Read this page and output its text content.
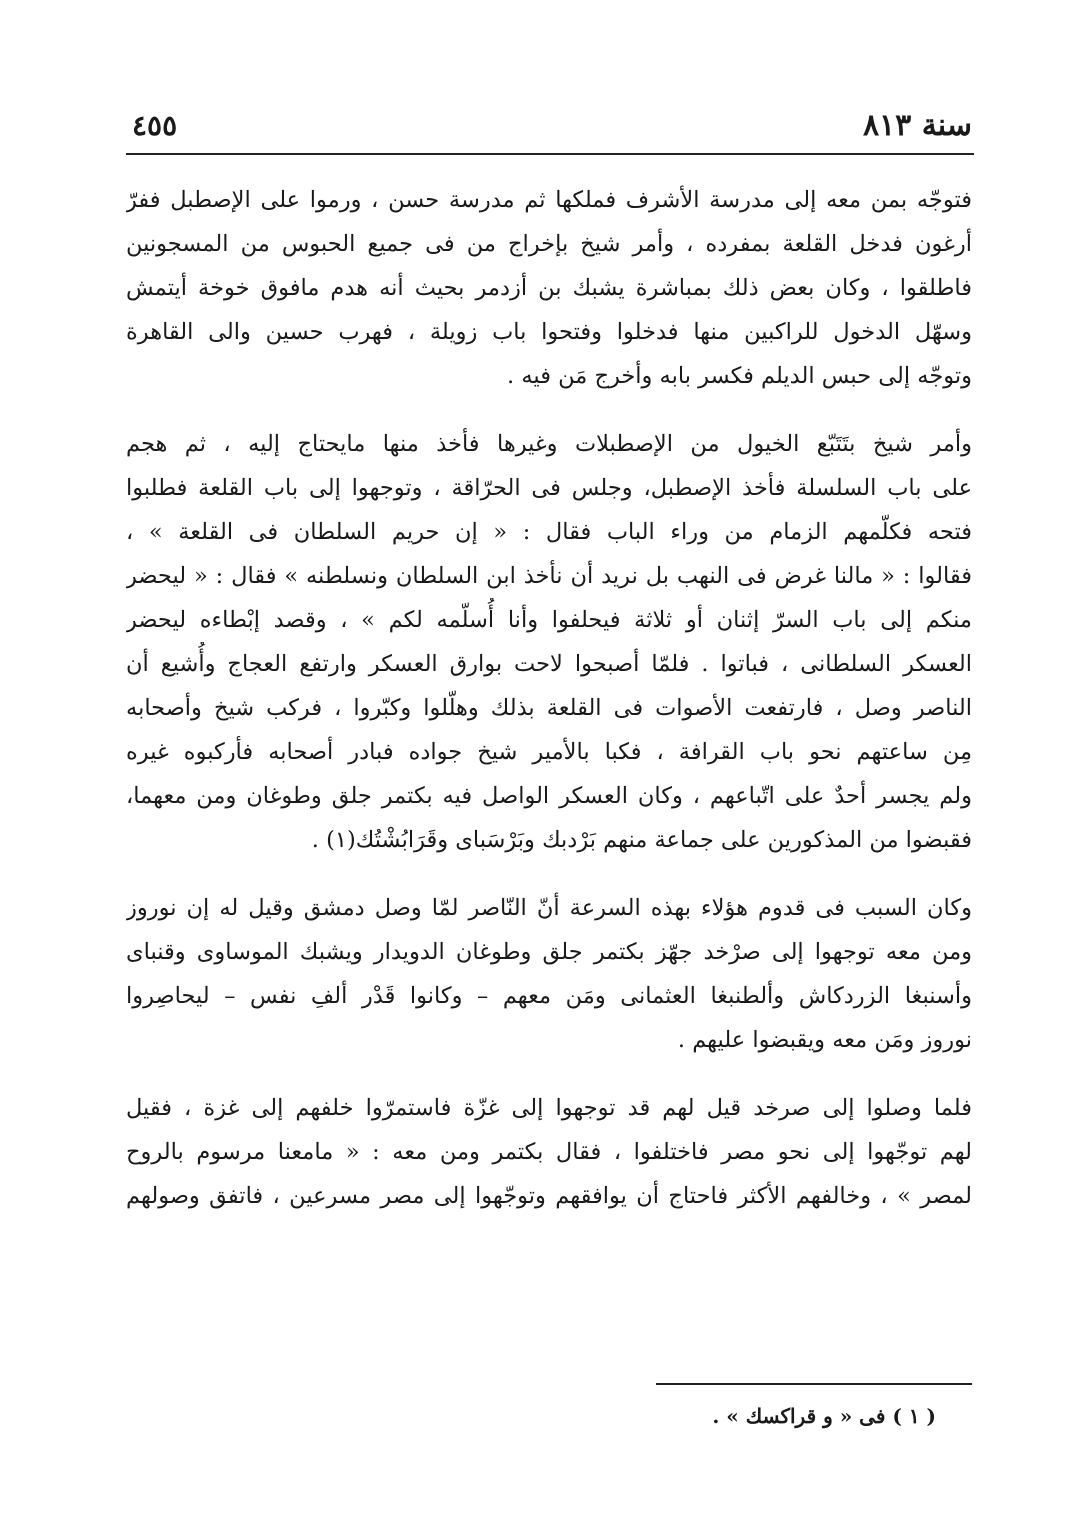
سنة ٨١٣
٤٥٥
فتوجّه بمن معه إلى مدرسة الأشرف فملكها ثم مدرسة حسن ، ورموا على الإصطبل ففرّ
أرغون فدخل القلعة بمفرده ، وأمر شيخ بإخراج من فى جميع الحبوس من المسجونين
فاطلقوا ، وكان بعض ذلك بمباشرة يشبك بن أزدمر بحيث أنه هدم مافوق خوخة أيتمش
وسهّل الدخول للراكبين منها فدخلوا وفتحوا باب زويلة ، فهرب حسين والى القاهرة
وتوجّه إلى حبس الديلم فكسر بابه وأخرج مَن فيه .
وأمر شيخ بتَتَبّع الخيول من الإصطبلات وغيرها فأخذ منها مايحتاج إليه ، ثم هجم
على باب السلسلة فأخذ الإصطبل، وجلس فى الحرّاقة ، وتوجهوا إلى باب القلعة فطلبوا
فتحه فكلّمهم الزمام من وراء الباب فقال : « إن حريم السلطان فى القلعة » ،
فقالوا : « مالنا غرض فى النهب بل نريد أن نأخذ ابن السلطان ونسلطنه » فقال : « ليحضر
منكم إلى باب السرّ إثنان أو ثلاثة فيحلفوا وأنا أُسلّمه لكم » ، وقصد إبْطاءه ليحضر
العسكر السلطانى ، فباتوا . فلمّا أصبحوا لاحت بوارق العسكر وارتفع العجاج وأُشيع أن
الناصر وصل ، فارتفعت الأصوات فى القلعة بذلك وهلّلوا وكبّروا ، فركب شيخ وأصحابه
مِن ساعتهم نحو باب القرافة ، فكبا بالأمير شيخ جواده فبادر أصحابه فأركبوه غيره
ولم يجسر أحدٌ على اتّباعهم ، وكان العسكر الواصل فيه بكتمر جلق وطوغان ومن معهما،
فقبضوا من المذكورين على جماعة منهم بَرْدبك وبَرْسَباى وقَرَابُشْتُك(١) .
وكان السبب فى قدوم هؤلاء بهذه السرعة أنّ النّاصر لمّا وصل دمشق وقيل له إن نوروز
ومن معه توجهوا إلى صرْخد جهّز بكتمر جلق وطوغان الدويدار ويشبك الموساوى وقنباى
وأسنبغا الزردكاش وألطنبغا العثمانى ومَن معهم – وكانوا قَدْر ألفِ نفس – ليحاصِروا
نوروز ومَن معه ويقبضوا عليهم .
فلما وصلوا إلى صرخد قيل لهم قد توجهوا إلى غزّة فاستمرّوا خلفهم إلى غزة ، فقيل
لهم توجّهوا إلى نحو مصر فاختلفوا ، فقال بكتمر ومن معه : « مامعنا مرسوم بالروح
لمصر » ، وخالفهم الأكثر فاحتاج أن يوافقهم وتوجّهوا إلى مصر مسرعين ، فاتفق وصولهم
( ١ ) فى « و قراكسك » .
